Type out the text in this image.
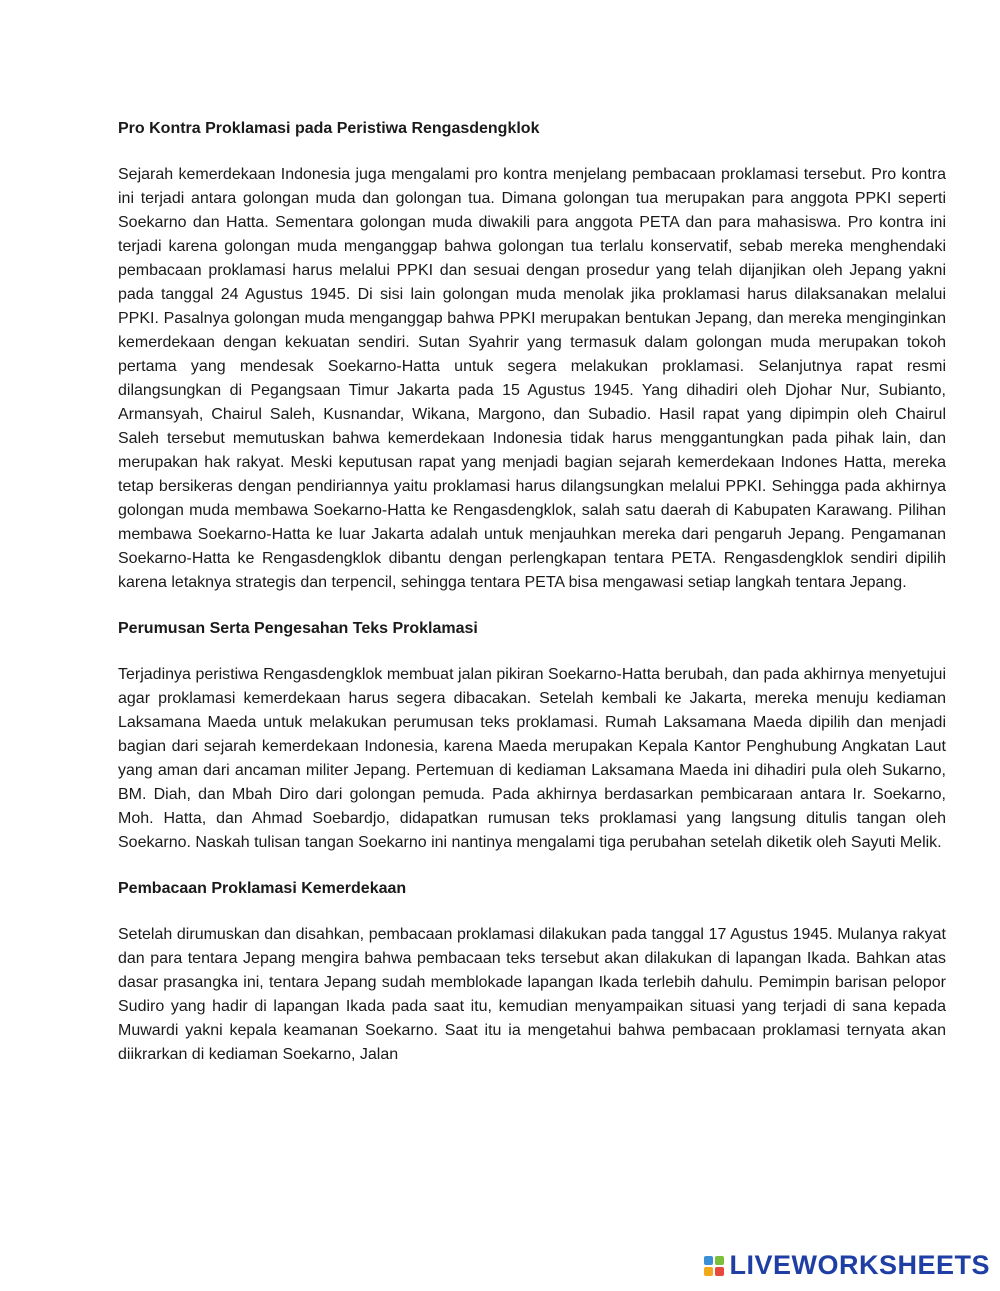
Pro Kontra Proklamasi pada Peristiwa Rengasdengklok
Sejarah kemerdekaan Indonesia juga mengalami pro kontra menjelang pembacaan proklamasi tersebut. Pro kontra ini terjadi antara golongan muda dan golongan tua. Dimana golongan tua merupakan para anggota PPKI seperti Soekarno dan Hatta. Sementara golongan muda diwakili para anggota PETA dan para mahasiswa. Pro kontra ini terjadi karena golongan muda menganggap bahwa golongan tua terlalu konservatif, sebab mereka menghendaki pembacaan proklamasi harus melalui PPKI dan sesuai dengan prosedur yang telah dijanjikan oleh Jepang yakni pada tanggal 24 Agustus 1945. Di sisi lain golongan muda menolak jika proklamasi harus dilaksanakan melalui PPKI. Pasalnya golongan muda menganggap bahwa PPKI merupakan bentukan Jepang, dan mereka menginginkan kemerdekaan dengan kekuatan sendiri. Sutan Syahrir yang termasuk dalam golongan muda merupakan tokoh pertama yang mendesak Soekarno-Hatta untuk segera melakukan proklamasi. Selanjutnya rapat resmi dilangsungkan di Pegangsaan Timur Jakarta pada 15 Agustus 1945. Yang dihadiri oleh Djohar Nur, Subianto, Armansyah, Chairul Saleh, Kusnandar, Wikana, Margono, dan Subadio. Hasil rapat yang dipimpin oleh Chairul Saleh tersebut memutuskan bahwa kemerdekaan Indonesia tidak harus menggantungkan pada pihak lain, dan merupakan hak rakyat. Meski keputusan rapat yang menjadi bagian sejarah kemerdekaan Indones Hatta, mereka tetap bersikeras dengan pendiriannya yaitu proklamasi harus dilangsungkan melalui PPKI. Sehingga pada akhirnya golongan muda membawa Soekarno-Hatta ke Rengasdengklok, salah satu daerah di Kabupaten Karawang. Pilihan membawa Soekarno-Hatta ke luar Jakarta adalah untuk menjauhkan mereka dari pengaruh Jepang. Pengamanan Soekarno-Hatta ke Rengasdengklok dibantu dengan perlengkapan tentara PETA. Rengasdengklok sendiri dipilih karena letaknya strategis dan terpencil, sehingga tentara PETA bisa mengawasi setiap langkah tentara Jepang.
Perumusan Serta Pengesahan Teks Proklamasi
Terjadinya peristiwa Rengasdengklok membuat jalan pikiran Soekarno-Hatta berubah, dan pada akhirnya menyetujui agar proklamasi kemerdekaan harus segera dibacakan. Setelah kembali ke Jakarta, mereka menuju kediaman Laksamana Maeda untuk melakukan perumusan teks proklamasi. Rumah Laksamana Maeda dipilih dan menjadi bagian dari sejarah kemerdekaan Indonesia, karena Maeda merupakan Kepala Kantor Penghubung Angkatan Laut yang aman dari ancaman militer Jepang. Pertemuan di kediaman Laksamana Maeda ini dihadiri pula oleh Sukarno, BM. Diah, dan Mbah Diro dari golongan pemuda. Pada akhirnya berdasarkan pembicaraan antara Ir. Soekarno, Moh. Hatta, dan Ahmad Soebardjo, didapatkan rumusan teks proklamasi yang langsung ditulis tangan oleh Soekarno. Naskah tulisan tangan Soekarno ini nantinya mengalami tiga perubahan setelah diketik oleh Sayuti Melik.
Pembacaan Proklamasi Kemerdekaan
Setelah dirumuskan dan disahkan, pembacaan proklamasi dilakukan pada tanggal 17 Agustus 1945. Mulanya rakyat dan para tentara Jepang mengira bahwa pembacaan teks tersebut akan dilakukan di lapangan Ikada. Bahkan atas dasar prasangka ini, tentara Jepang sudah memblokade lapangan Ikada terlebih dahulu. Pemimpin barisan pelopor Sudiro yang hadir di lapangan Ikada pada saat itu, kemudian menyampaikan situasi yang terjadi di sana kepada Muwardi yakni kepala keamanan Soekarno. Saat itu ia mengetahui bahwa pembacaan proklamasi ternyata akan diikrarkan di kediaman Soekarno, Jalan
LIVEWORKSHEETS
